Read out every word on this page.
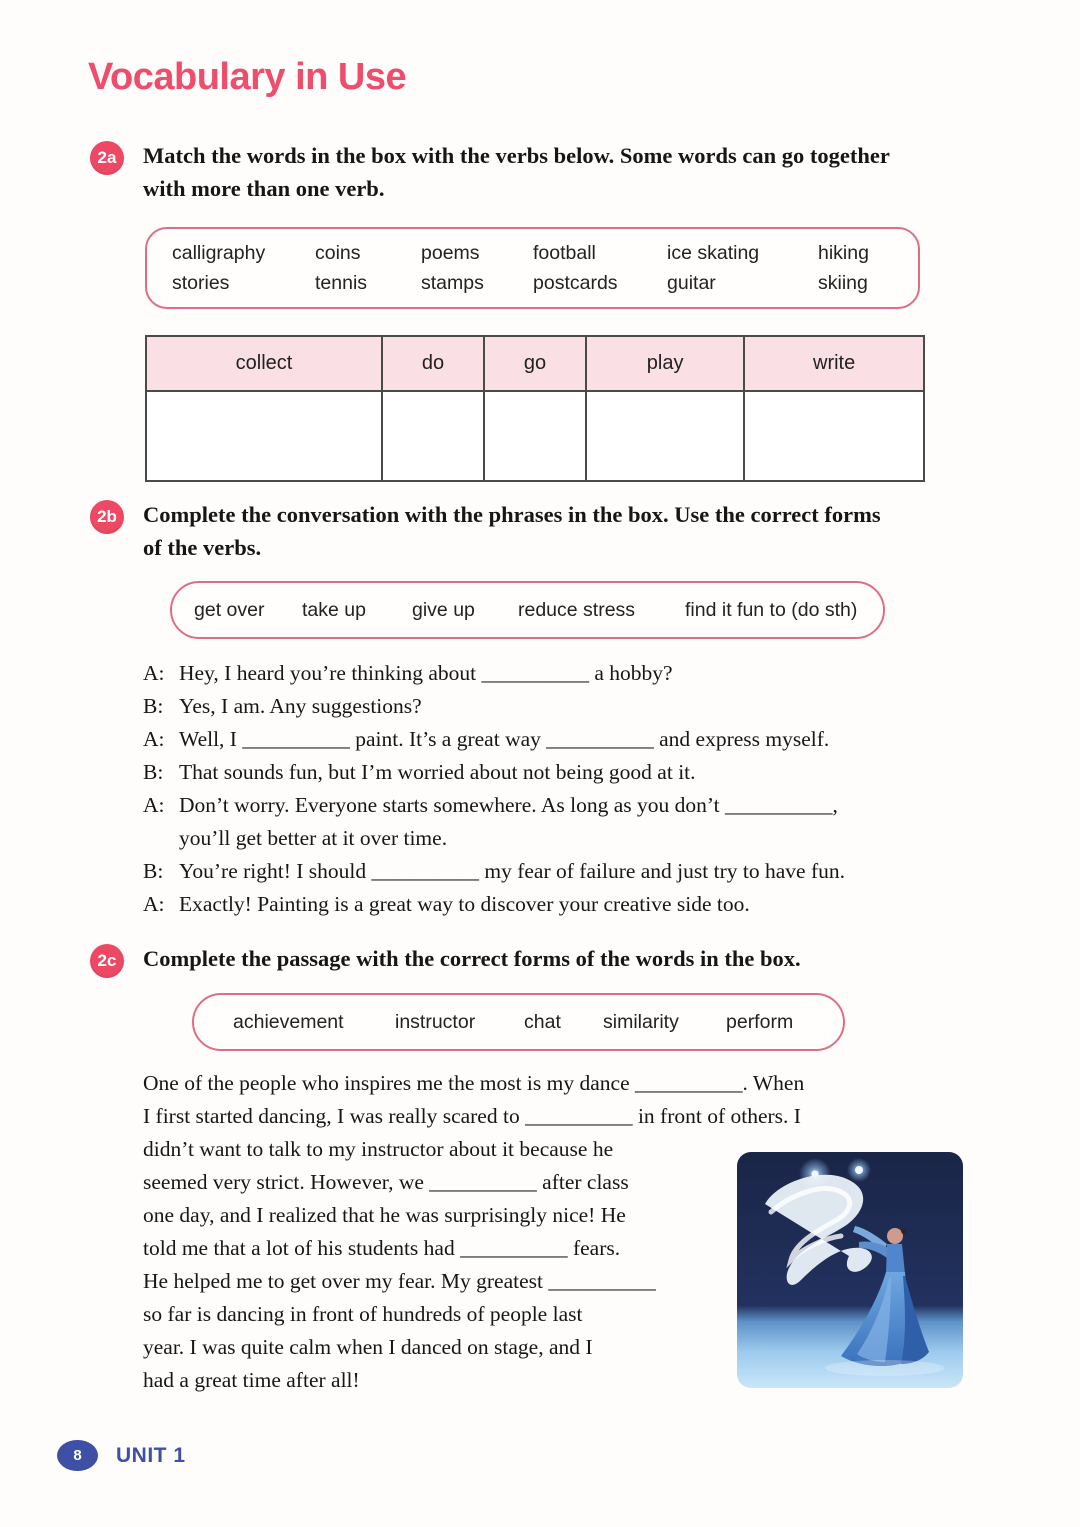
Vocabulary in Use
2a	Match the words in the box with the verbs below. Some words can go together
with more than one verb.
calligraphy	coins	poems	football	ice skating	hiking
stories	tennis	stamps	postcards	guitar	skiing
collect	do	go	play	write

2b	Complete the conversation with the phrases in the box. Use the correct forms
of the verbs.
get over	take up	give up	reduce stress	find it fun to (do sth)
A: Hey, I heard you’re thinking about __________ a hobby?
B: Yes, I am. Any suggestions?
A: Well, I __________ paint. It’s a great way __________ and express myself.
B: That sounds fun, but I’m worried about not being good at it.
A: Don’t worry. Everyone starts somewhere. As long as you don’t __________,
you’ll get better at it over time.
B: You’re right! I should __________ my fear of failure and just try to have fun.
A: Exactly! Painting is a great way to discover your creative side too.
2c	Complete the passage with the correct forms of the words in the box.
achievement	instructor	chat	similarity	perform
One of the people who inspires me the most is my dance __________. When
I first started dancing, I was really scared to __________ in front of others. I
didn’t want to talk to my instructor about it because he
seemed very strict. However, we __________ after class
one day, and I realized that he was surprisingly nice! He
told me that a lot of his students had __________ fears.
He helped me to get over my fear. My greatest __________
so far is dancing in front of hundreds of people last
year. I was quite calm when I danced on stage, and I
had a great time after all!
8	UNIT 1
